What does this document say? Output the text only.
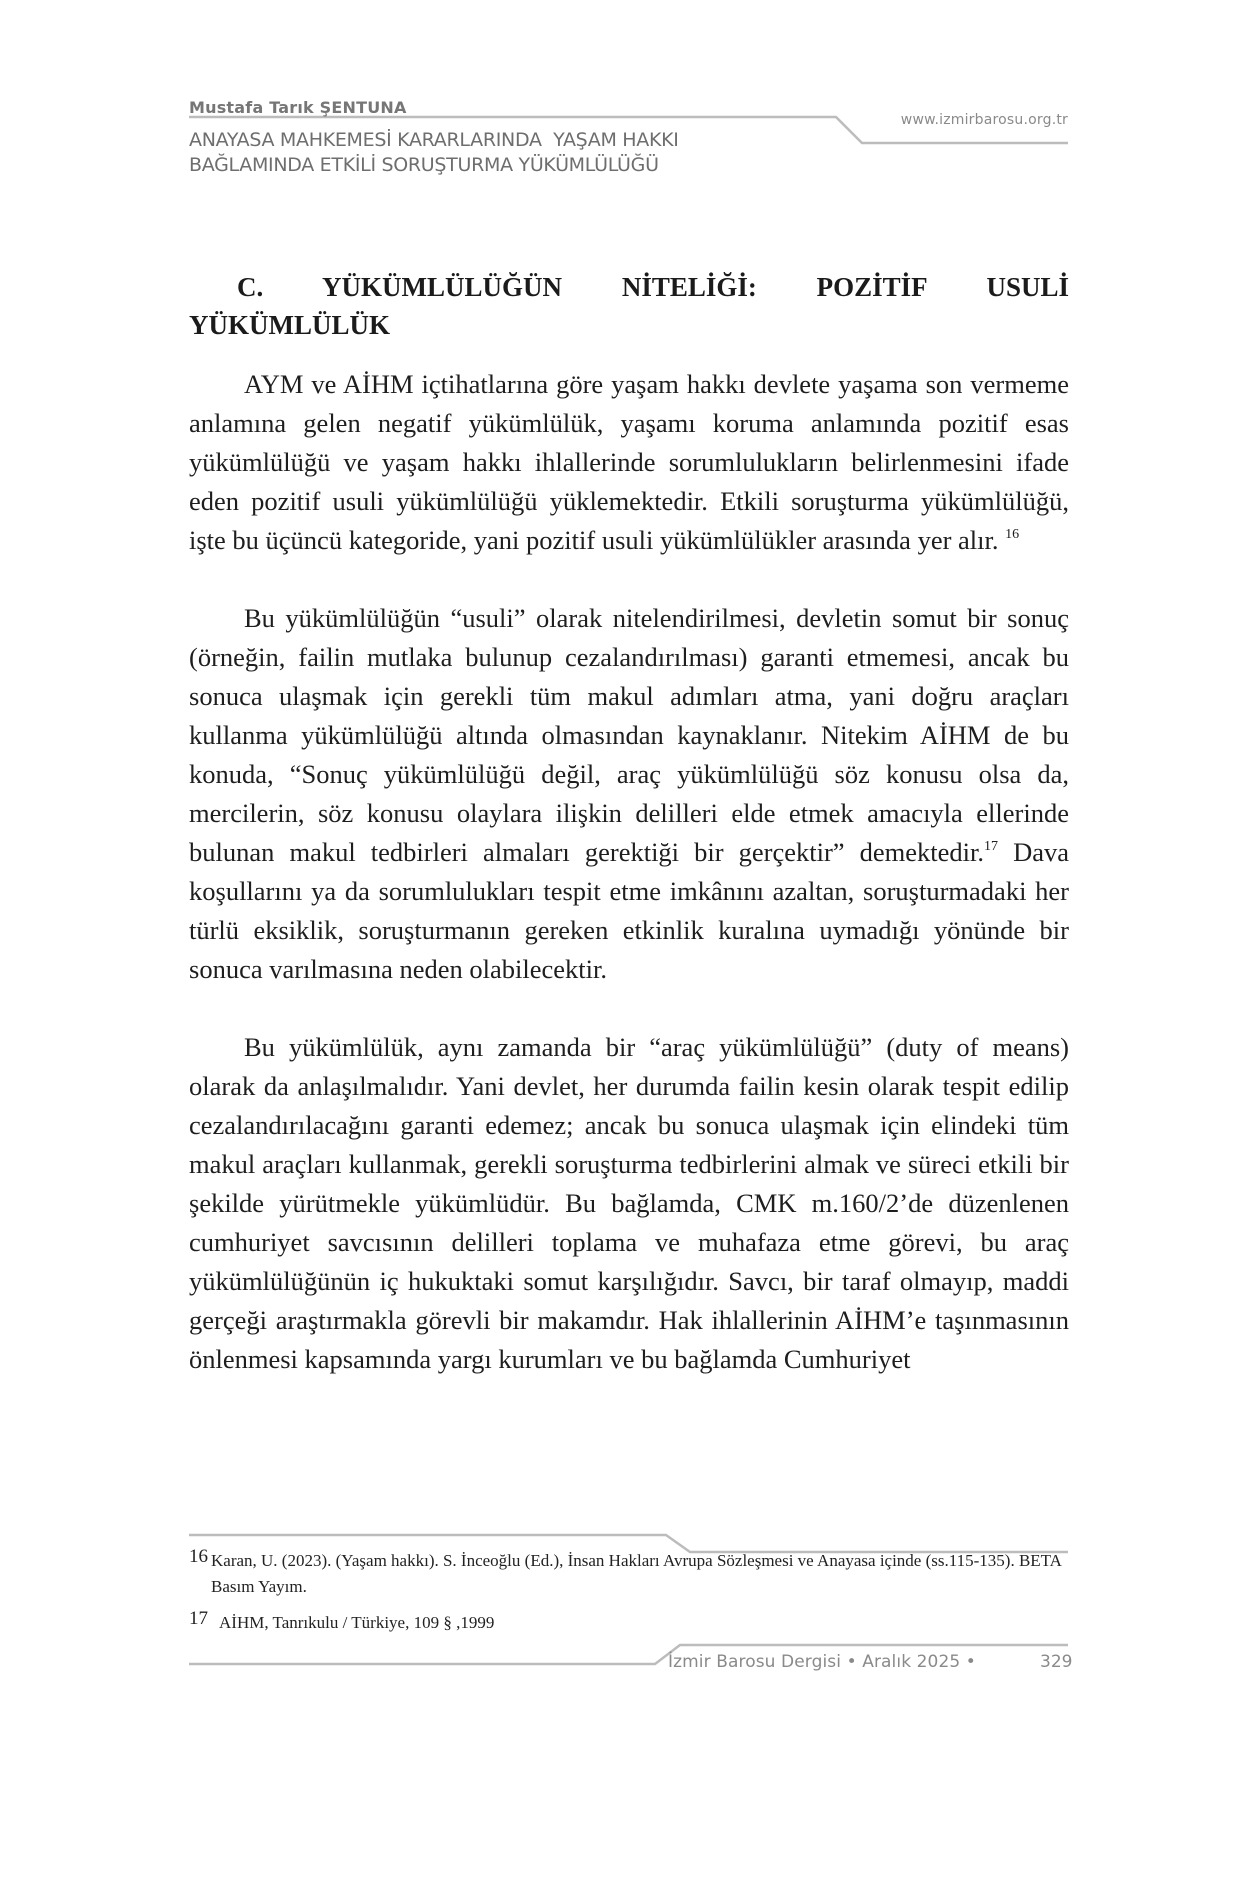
Mustafa Tarık ŞENTUNA
ANAYASA MAHKEMESİ KARARLARINDA  YAŞAM HAKKI
BAĞLAMINDA ETKİLİ SORUŞTURMA YÜKÜMLÜLÜĞÜ
www.izmirbarosu.org.tr
C. YÜKÜMLÜLÜĞÜN NİTELİĞİ: POZİTİF USULİ
YÜKÜMLÜLÜK

AYM ve AİHM içtihatlarına göre yaşam hakkı devlete yaşama son vermeme anlamına gelen negatif yükümlülük, yaşamı koruma anlamında pozitif esas yükümlülüğü ve yaşam hakkı ihlallerinde sorumlulukların belirlenmesini ifade eden pozitif usuli yükümlülüğü yüklemektedir. Etkili soruşturma yükümlülüğü, işte bu üçüncü kategoride, yani pozitif usuli yükümlülükler arasında yer alır. $^{16}$

Bu yükümlülüğün “usuli” olarak nitelendirilmesi, devletin somut bir sonuç (örneğin, failin mutlaka bulunup cezalandırılması) garanti etmemesi, ancak bu sonuca ulaşmak için gerekli tüm makul adımları atma, yani doğru araçları kullanma yükümlülüğü altında olmasından kaynaklanır. Nitekim AİHM de bu konuda, “Sonuç yükümlülüğü değil, araç yükümlülüğü söz konusu olsa da, mercilerin, söz konusu olaylara ilişkin delilleri elde etmek amacıyla ellerinde bulunan makul tedbirleri almaları gerektiği bir gerçektir” demektedir.$^{17}$ Dava koşullarını ya da sorumlulukları tespit etme imkânını azaltan, soruşturmadaki her türlü eksiklik, soruşturmanın gereken etkinlik kuralına uymadığı yönünde bir sonuca varılmasına neden olabilecektir.

Bu yükümlülük, aynı zamanda bir “araç yükümlülüğü” (duty of means) olarak da anlaşılmalıdır. Yani devlet, her durumda failin kesin olarak tespit edilip cezalandırılacağını garanti edemez; ancak bu sonuca ulaşmak için elindeki tüm makul araçları kullanmak, gerekli soruşturma tedbirlerini almak ve süreci etkili bir şekilde yürütmekle yükümlüdür. Bu bağlamda, CMK m.160/2’de düzenlenen cumhuriyet savcısının delilleri toplama ve muhafaza etme görevi, bu araç yükümlülüğünün iç hukuktaki somut karşılığıdır. Savcı, bir taraf olmayıp, maddi gerçeği araştırmakla görevli bir makamdır. Hak ihlallerinin AİHM’e taşınmasının önlenmesi kapsamında yargı kurumları ve bu bağlamda Cumhuriyet

16 Karan, U. (2023). (Yaşam hakkı). S. İnceoğlu (Ed.), İnsan Hakları Avrupa Sözleşmesi ve Anayasa içinde (ss.115-135). BETA Basım Yayım.
17 AİHM, Tanrıkulu / Türkiye, 109 § ,1999
İzmir Barosu Dergisi • Aralık 2025 •	329
